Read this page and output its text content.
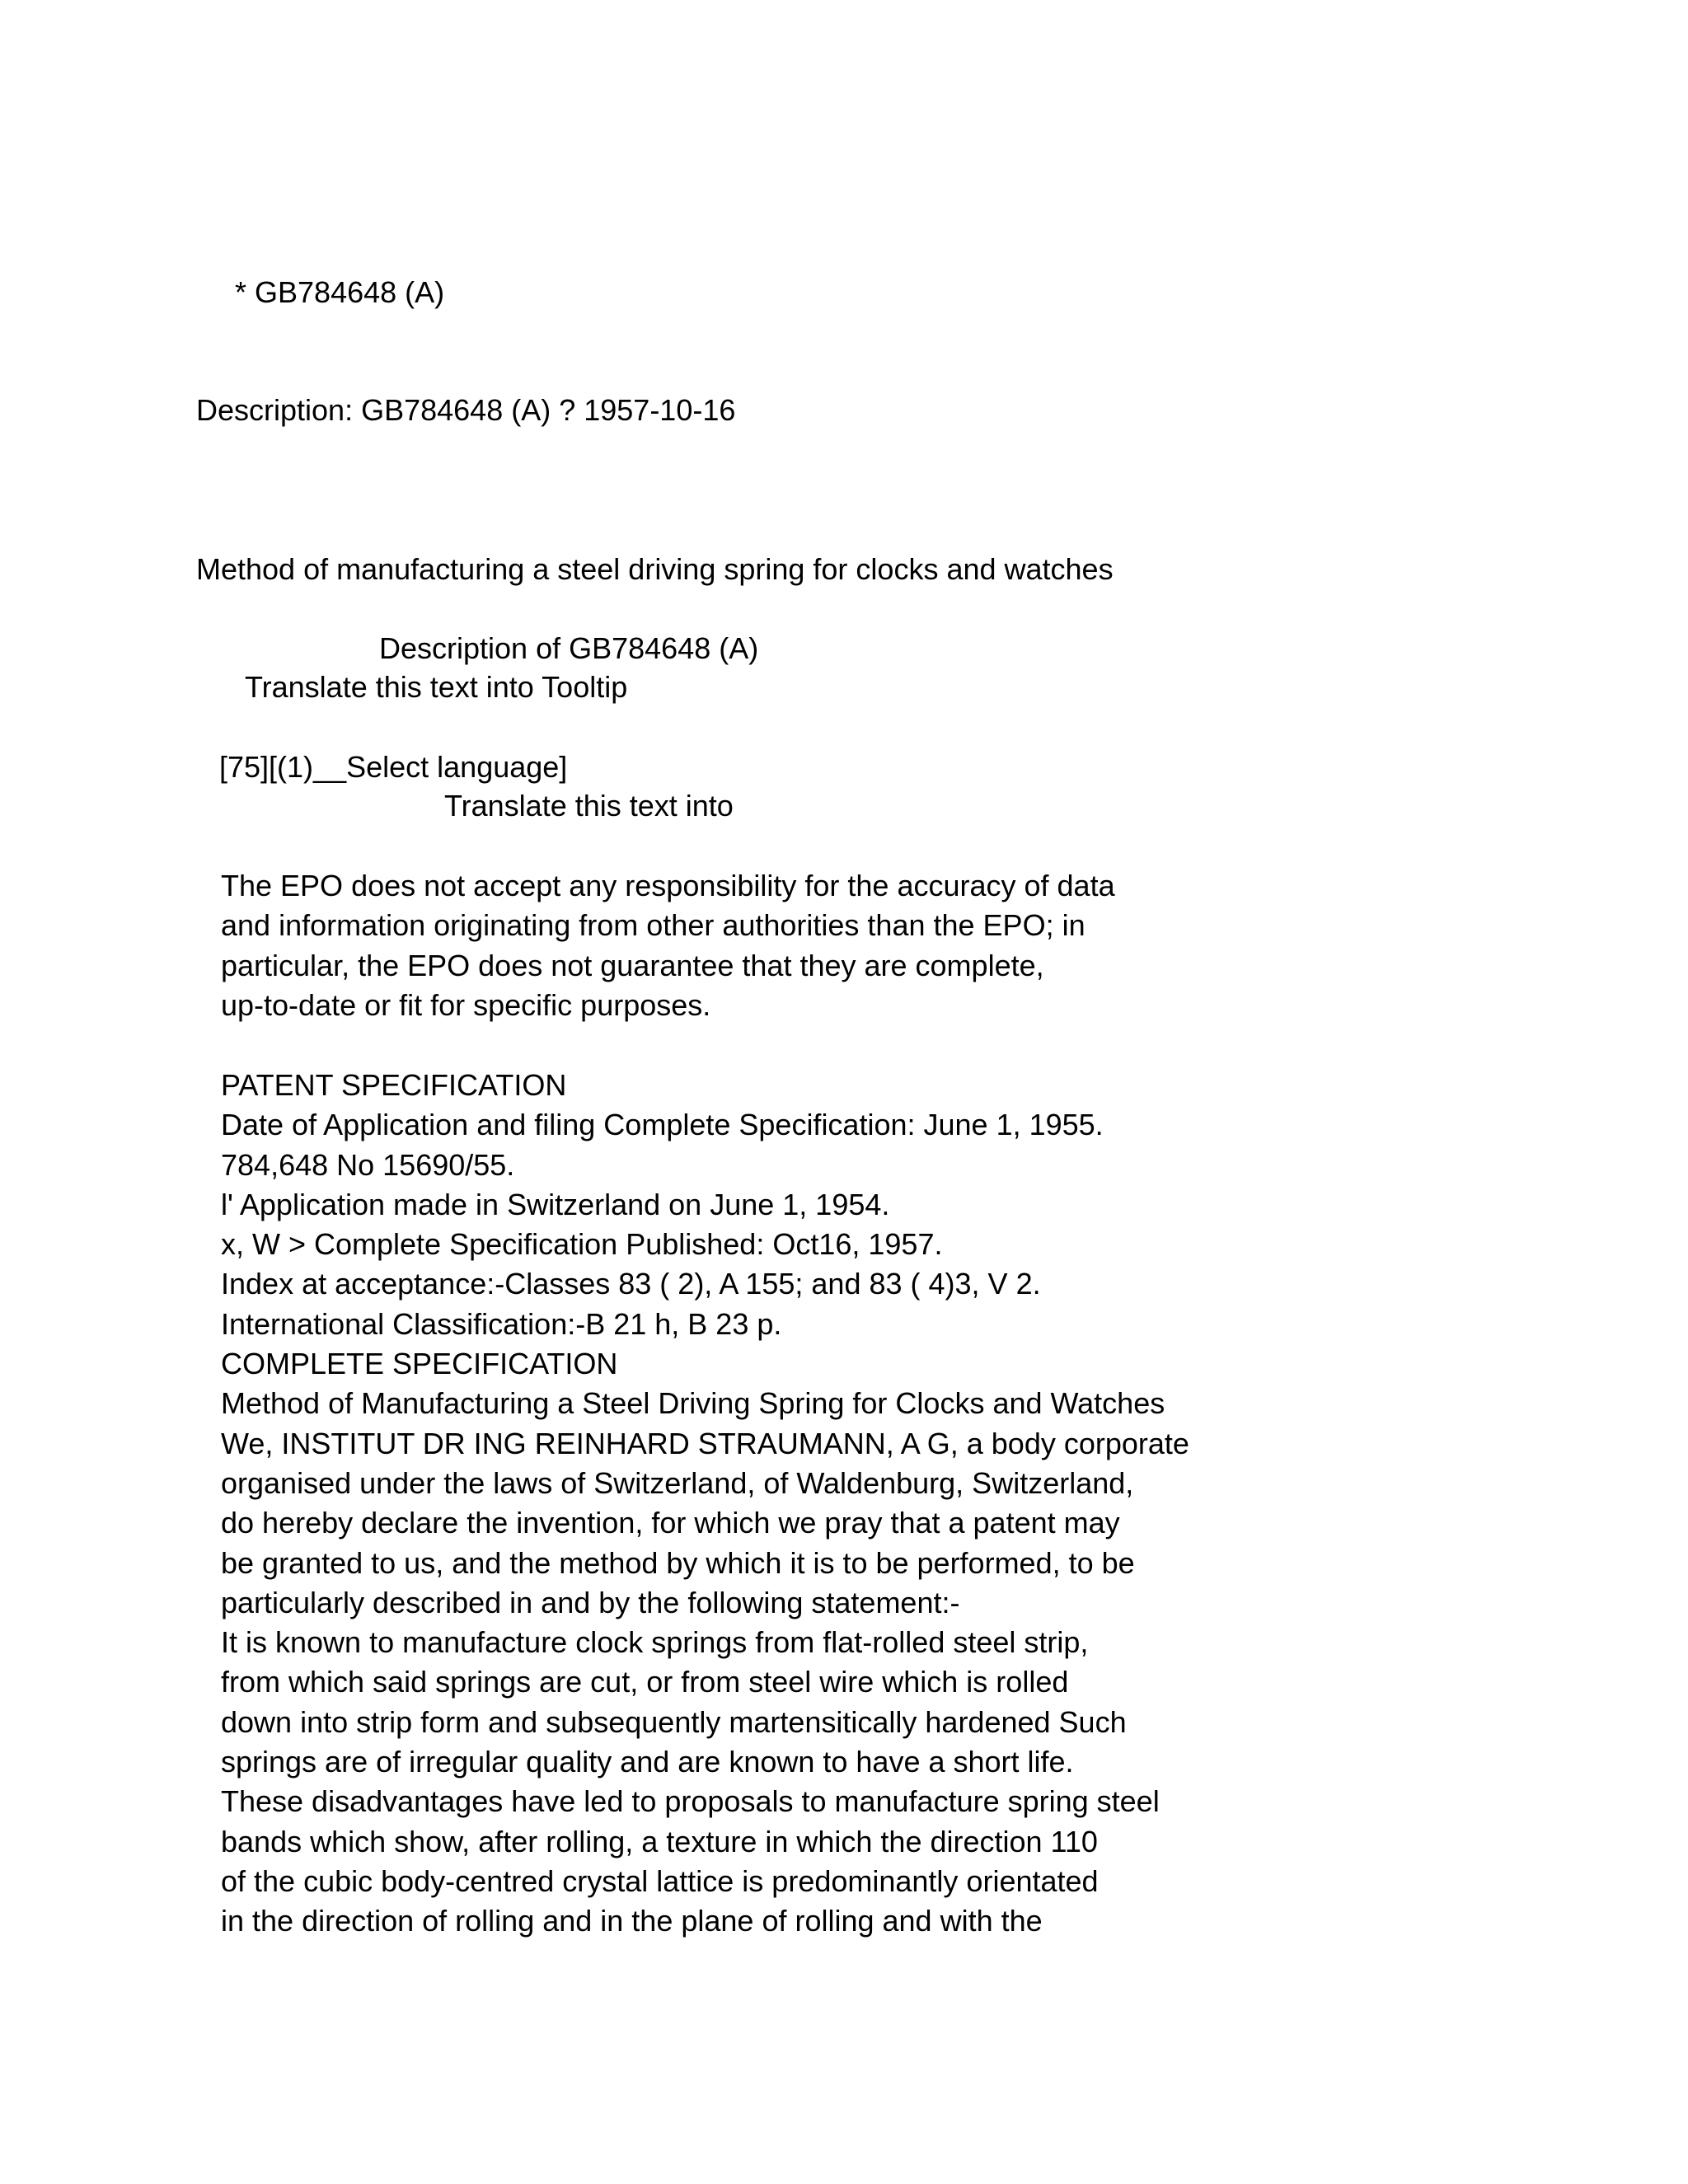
* GB784648 (A)

Description: GB784648 (A) ? 1957-10-16

Method of manufacturing a steel driving spring for clocks and watches

Description of GB784648 (A)

Translate this text into Tooltip

[75][(1)__Select language]

Translate this text into

The EPO does not accept any responsibility for the accuracy of data
and information originating from other authorities than the EPO; in
particular, the EPO does not guarantee that they are complete,
up-to-date or fit for specific purposes.
PATENT SPECIFICATION
Date of Application and filing Complete Specification: June 1, 1955.
784,648 No 15690/55.
l' Application made in Switzerland on June 1, 1954.
x, W > Complete Specification Published: Oct16, 1957.
Index at acceptance:-Classes 83 ( 2), A 155; and 83 ( 4)3, V 2.
International Classification:-B 21 h, B 23 p.
COMPLETE SPECIFICATION
Method of Manufacturing a Steel Driving Spring for Clocks and Watches
We, INSTITUT DR ING REINHARD STRAUMANN, A G, a body corporate
organised under the laws of Switzerland, of Waldenburg, Switzerland,
do hereby declare the invention, for which we pray that a patent may
be granted to us, and the method by which it is to be performed, to be
particularly described in and by the following statement:-
It is known to manufacture clock springs from flat-rolled steel strip,
from which said springs are cut, or from steel wire which is rolled
down into strip form and subsequently martensitically hardened Such
springs are of irregular quality and are known to have a short life.
These disadvantages have led to proposals to manufacture spring steel
bands which show, after rolling, a texture in which the direction 110
of the cubic body-centred crystal lattice is predominantly orientated
in the direction of rolling and in the plane of rolling and with the
